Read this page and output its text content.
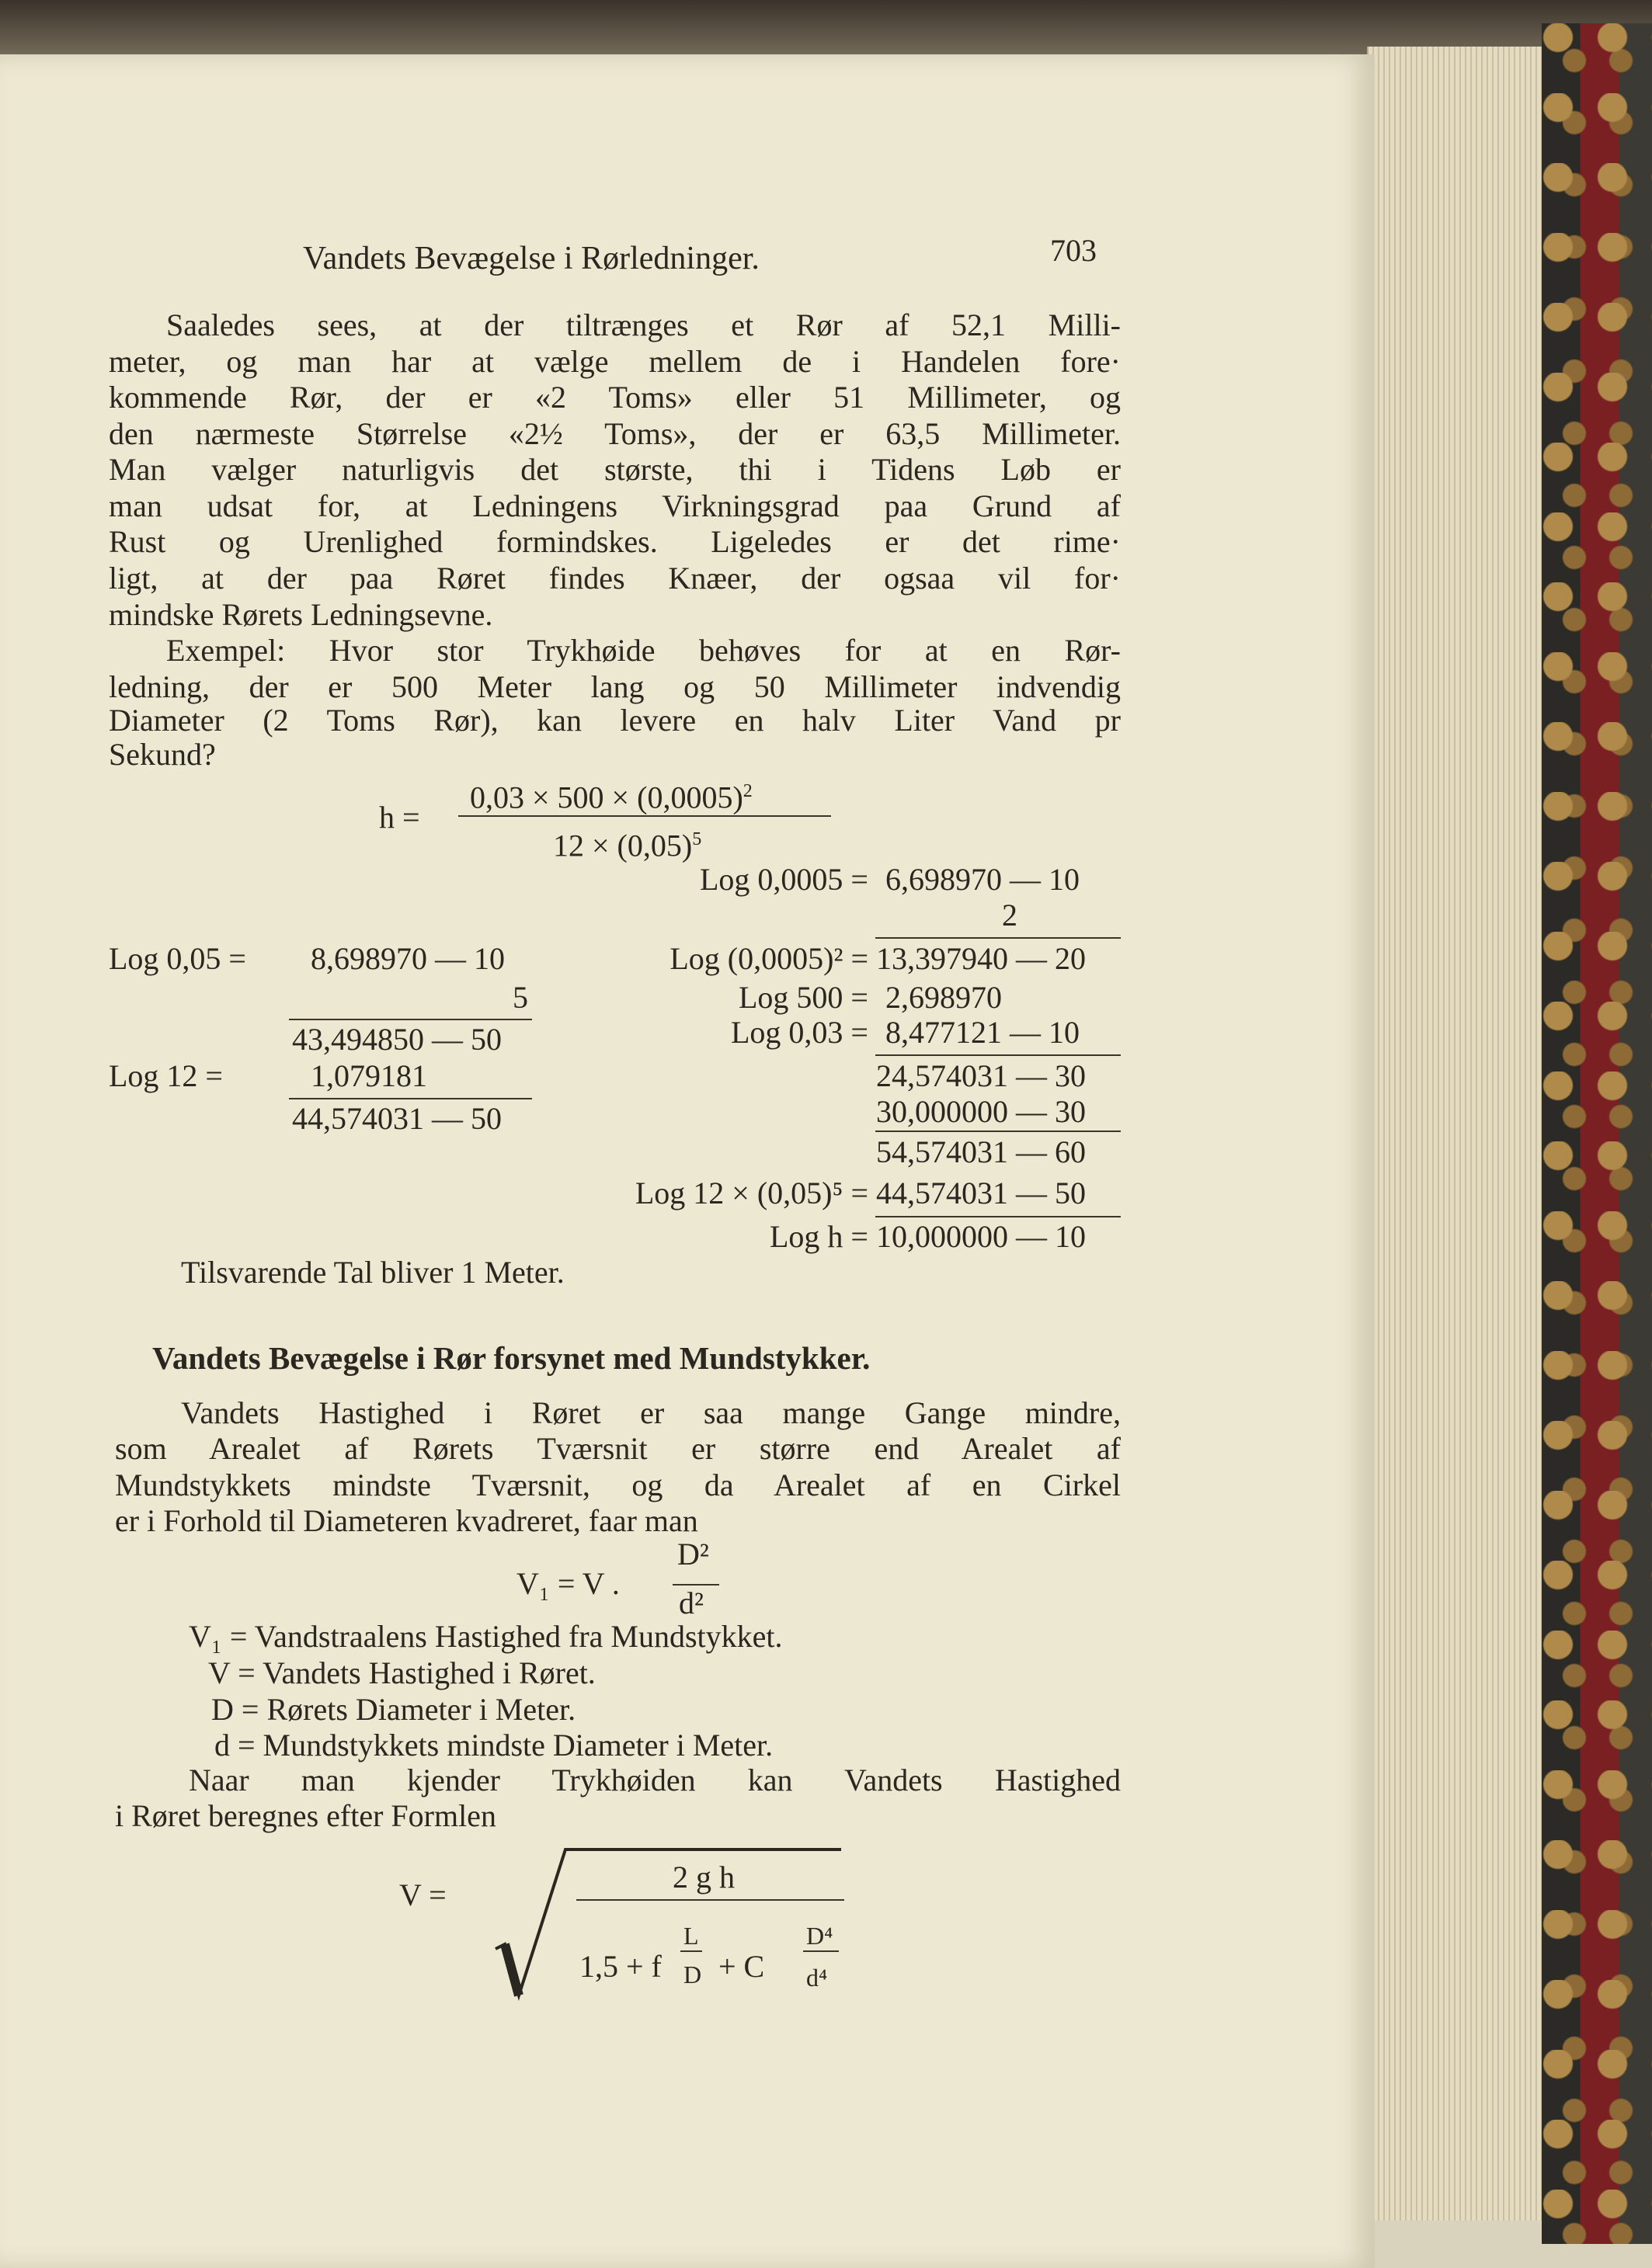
Vandets Bevægelse i Rørledninger.	703
Saaledes sees, at der tiltrænges et Rør af 52,1 Milli-
meter, og man har at vælge mellem de i Handelen fore·
kommende Rør, der er «2 Toms» eller 51 Millimeter, og
den nærmeste Størrelse «2½ Toms», der er 63,5 Millimeter.
Man vælger naturligvis det største, thi i Tidens Løb er
man udsat for, at Ledningens Virkningsgrad paa Grund af
Rust og Urenlighed formindskes. Ligeledes er det rime·
ligt, at der paa Røret findes Knæer, der ogsaa vil for·
mindske Rørets Ledningsevne.
Exempel: Hvor stor Trykhøide behøves for at en Rør-
ledning, der er 500 Meter lang og 50 Millimeter indvendig
Diameter (2 Toms Rør), kan levere en halv Liter Vand pr
Sekund?
h =
$0,03 \times 500 \times (0,0005)^2$
$12 \times (0,05)^5$
Log 0,0005 = 6,698970 — 10
2
Log (0,0005)² = 13,397940 — 20
Log 500 = 2,698970
Log 0,03 = 8,477121 — 10
24,574031 — 30
30,000000 — 30
54,574031 — 60
Log 12 × (0,05)⁵ = 44,574031 — 50
Log h = 10,000000 — 10
Log 0,05 = 8,698970 — 10
5
43,494850 — 50
Log 12 =	1,079181
44,574031 — 50
Tilsvarende Tal bliver 1 Meter.
Vandets Bevægelse i Rør forsynet med Mundstykker.
Vandets Hastighed i Røret er saa mange Gange mindre,
som Arealet af Rørets Tværsnit er større end Arealet af
Mundstykkets mindste Tværsnit, og da Arealet af en Cirkel
er i Forhold til Diameteren kvadreret, faar man
V₁ = V .
D²
d²
V₁ = Vandstraalens Hastighed fra Mundstykket.
V = Vandets Hastighed i Røret.
D = Rørets Diameter i Meter.
d = Mundstykkets mindste Diameter i Meter.
Naar man kjender Trykhøiden kan Vandets Hastighed
i Røret beregnes efter Formlen
V =
2 g h
1,5 + f
L
D + C
D⁴
d⁴
